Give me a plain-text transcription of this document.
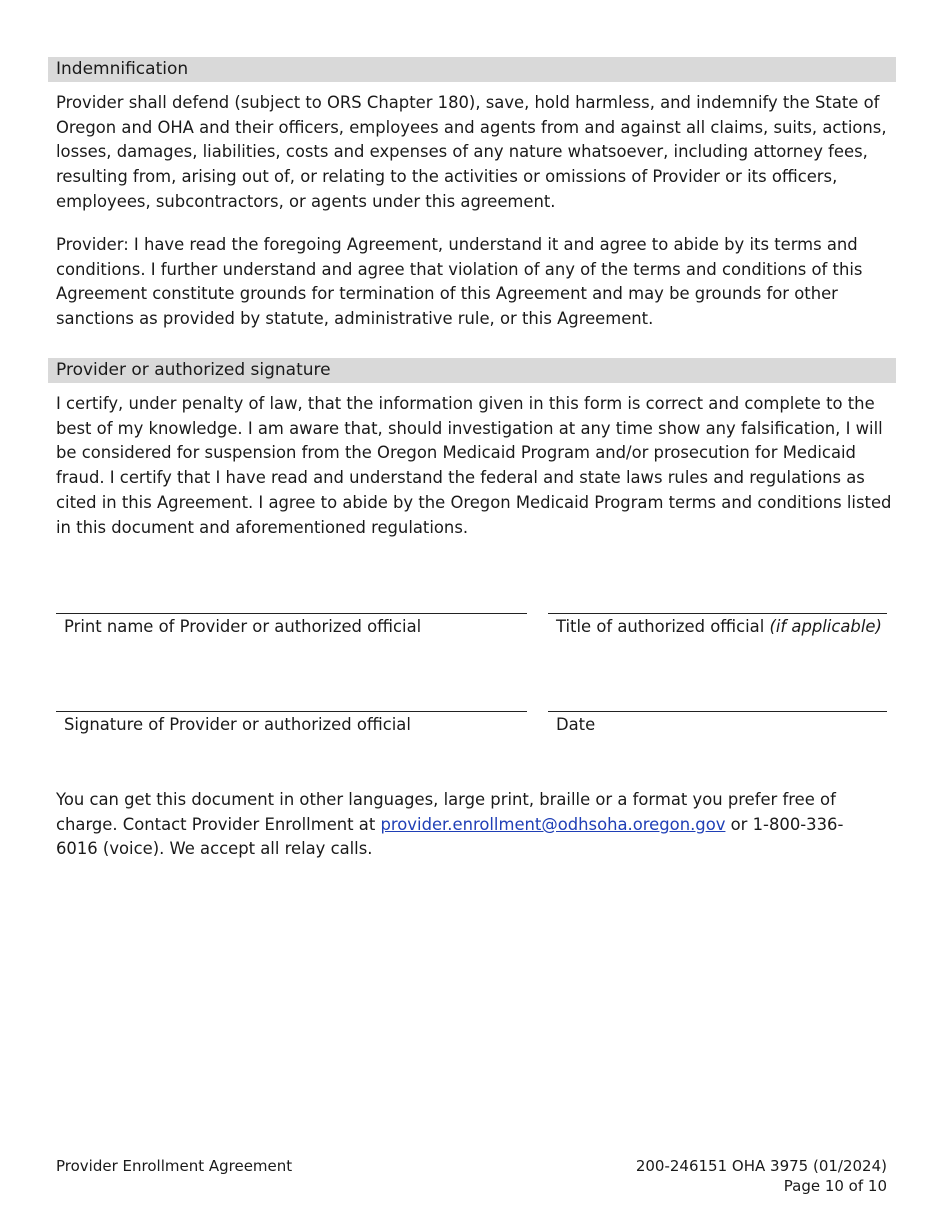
Indemnification

Provider shall defend (subject to ORS Chapter 180), save, hold harmless, and indemnify the State of Oregon and OHA and their officers, employees and agents from and against all claims, suits, actions, losses, damages, liabilities, costs and expenses of any nature whatsoever, including attorney fees, resulting from, arising out of, or relating to the activities or omissions of Provider or its officers, employees, subcontractors, or agents under this agreement.

Provider: I have read the foregoing Agreement, understand it and agree to abide by its terms and conditions. I further understand and agree that violation of any of the terms and conditions of this Agreement constitute grounds for termination of this Agreement and may be grounds for other sanctions as provided by statute, administrative rule, or this Agreement.

Provider or authorized signature

I certify, under penalty of law, that the information given in this form is correct and complete to the best of my knowledge. I am aware that, should investigation at any time show any falsification, I will be considered for suspension from the Oregon Medicaid Program and/or prosecution for Medicaid fraud. I certify that I have read and understand the federal and state laws rules and regulations as cited in this Agreement. I agree to abide by the Oregon Medicaid Program terms and conditions listed in this document and aforementioned regulations.

Print name of Provider or authorized official	Title of authorized official (if applicable)
Signature of Provider or authorized official	Date

You can get this document in other languages, large print, braille or a format you prefer free of charge. Contact Provider Enrollment at provider.enrollment@odhsoha.oregon.gov or 1-800-336-6016 (voice). We accept all relay calls.

Provider Enrollment Agreement	200-246151 OHA 3975 (01/2024)
Page 10 of 10
